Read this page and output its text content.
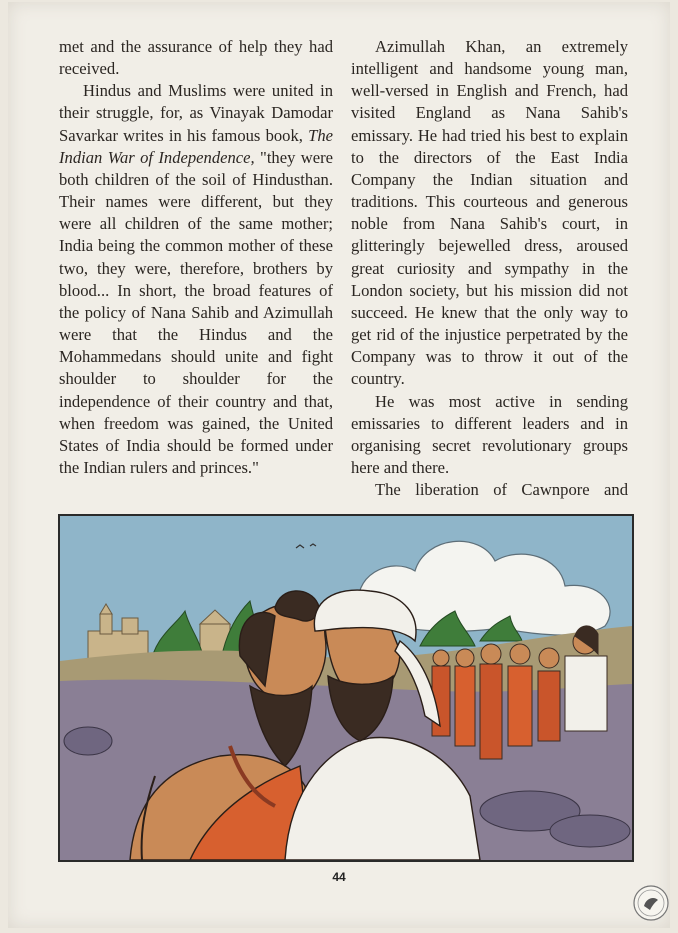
met and the assurance of help they had received.

Hindus and Muslims were united in their struggle, for, as Vinayak Damodar Savarkar writes in his famous book, The Indian War of Independence, "they were both children of the soil of Hindusthan. Their names were different, but they were all children of the same mother; India being the common mother of these two, they were, therefore, brothers by blood... In short, the broad features of the policy of Nana Sahib and Azimullah were that the Hindus and the Mohammedans should unite and fight shoulder to shoulder for the independence of their country and that, when freedom was gained, the United States of India should be formed under the Indian rulers and princes."

Azimullah Khan, an extremely intelligent and handsome young man, well-versed in English and French, had visited England as Nana Sahib's emissary. He had tried his best to explain to the directors of the East India Company the Indian situation and traditions. This courteous and generous noble from Nana Sahib's court, in glitteringly bejewelled dress, aroused great curiosity and sympathy in the London society, but his mission did not succeed. He knew that the only way to get rid of the injustice perpetrated by the Company was to throw it out of the country.

He was most active in sending emissaries to different leaders and in organising secret revolutionary groups here and there.

The liberation of Cawnpore and

44
